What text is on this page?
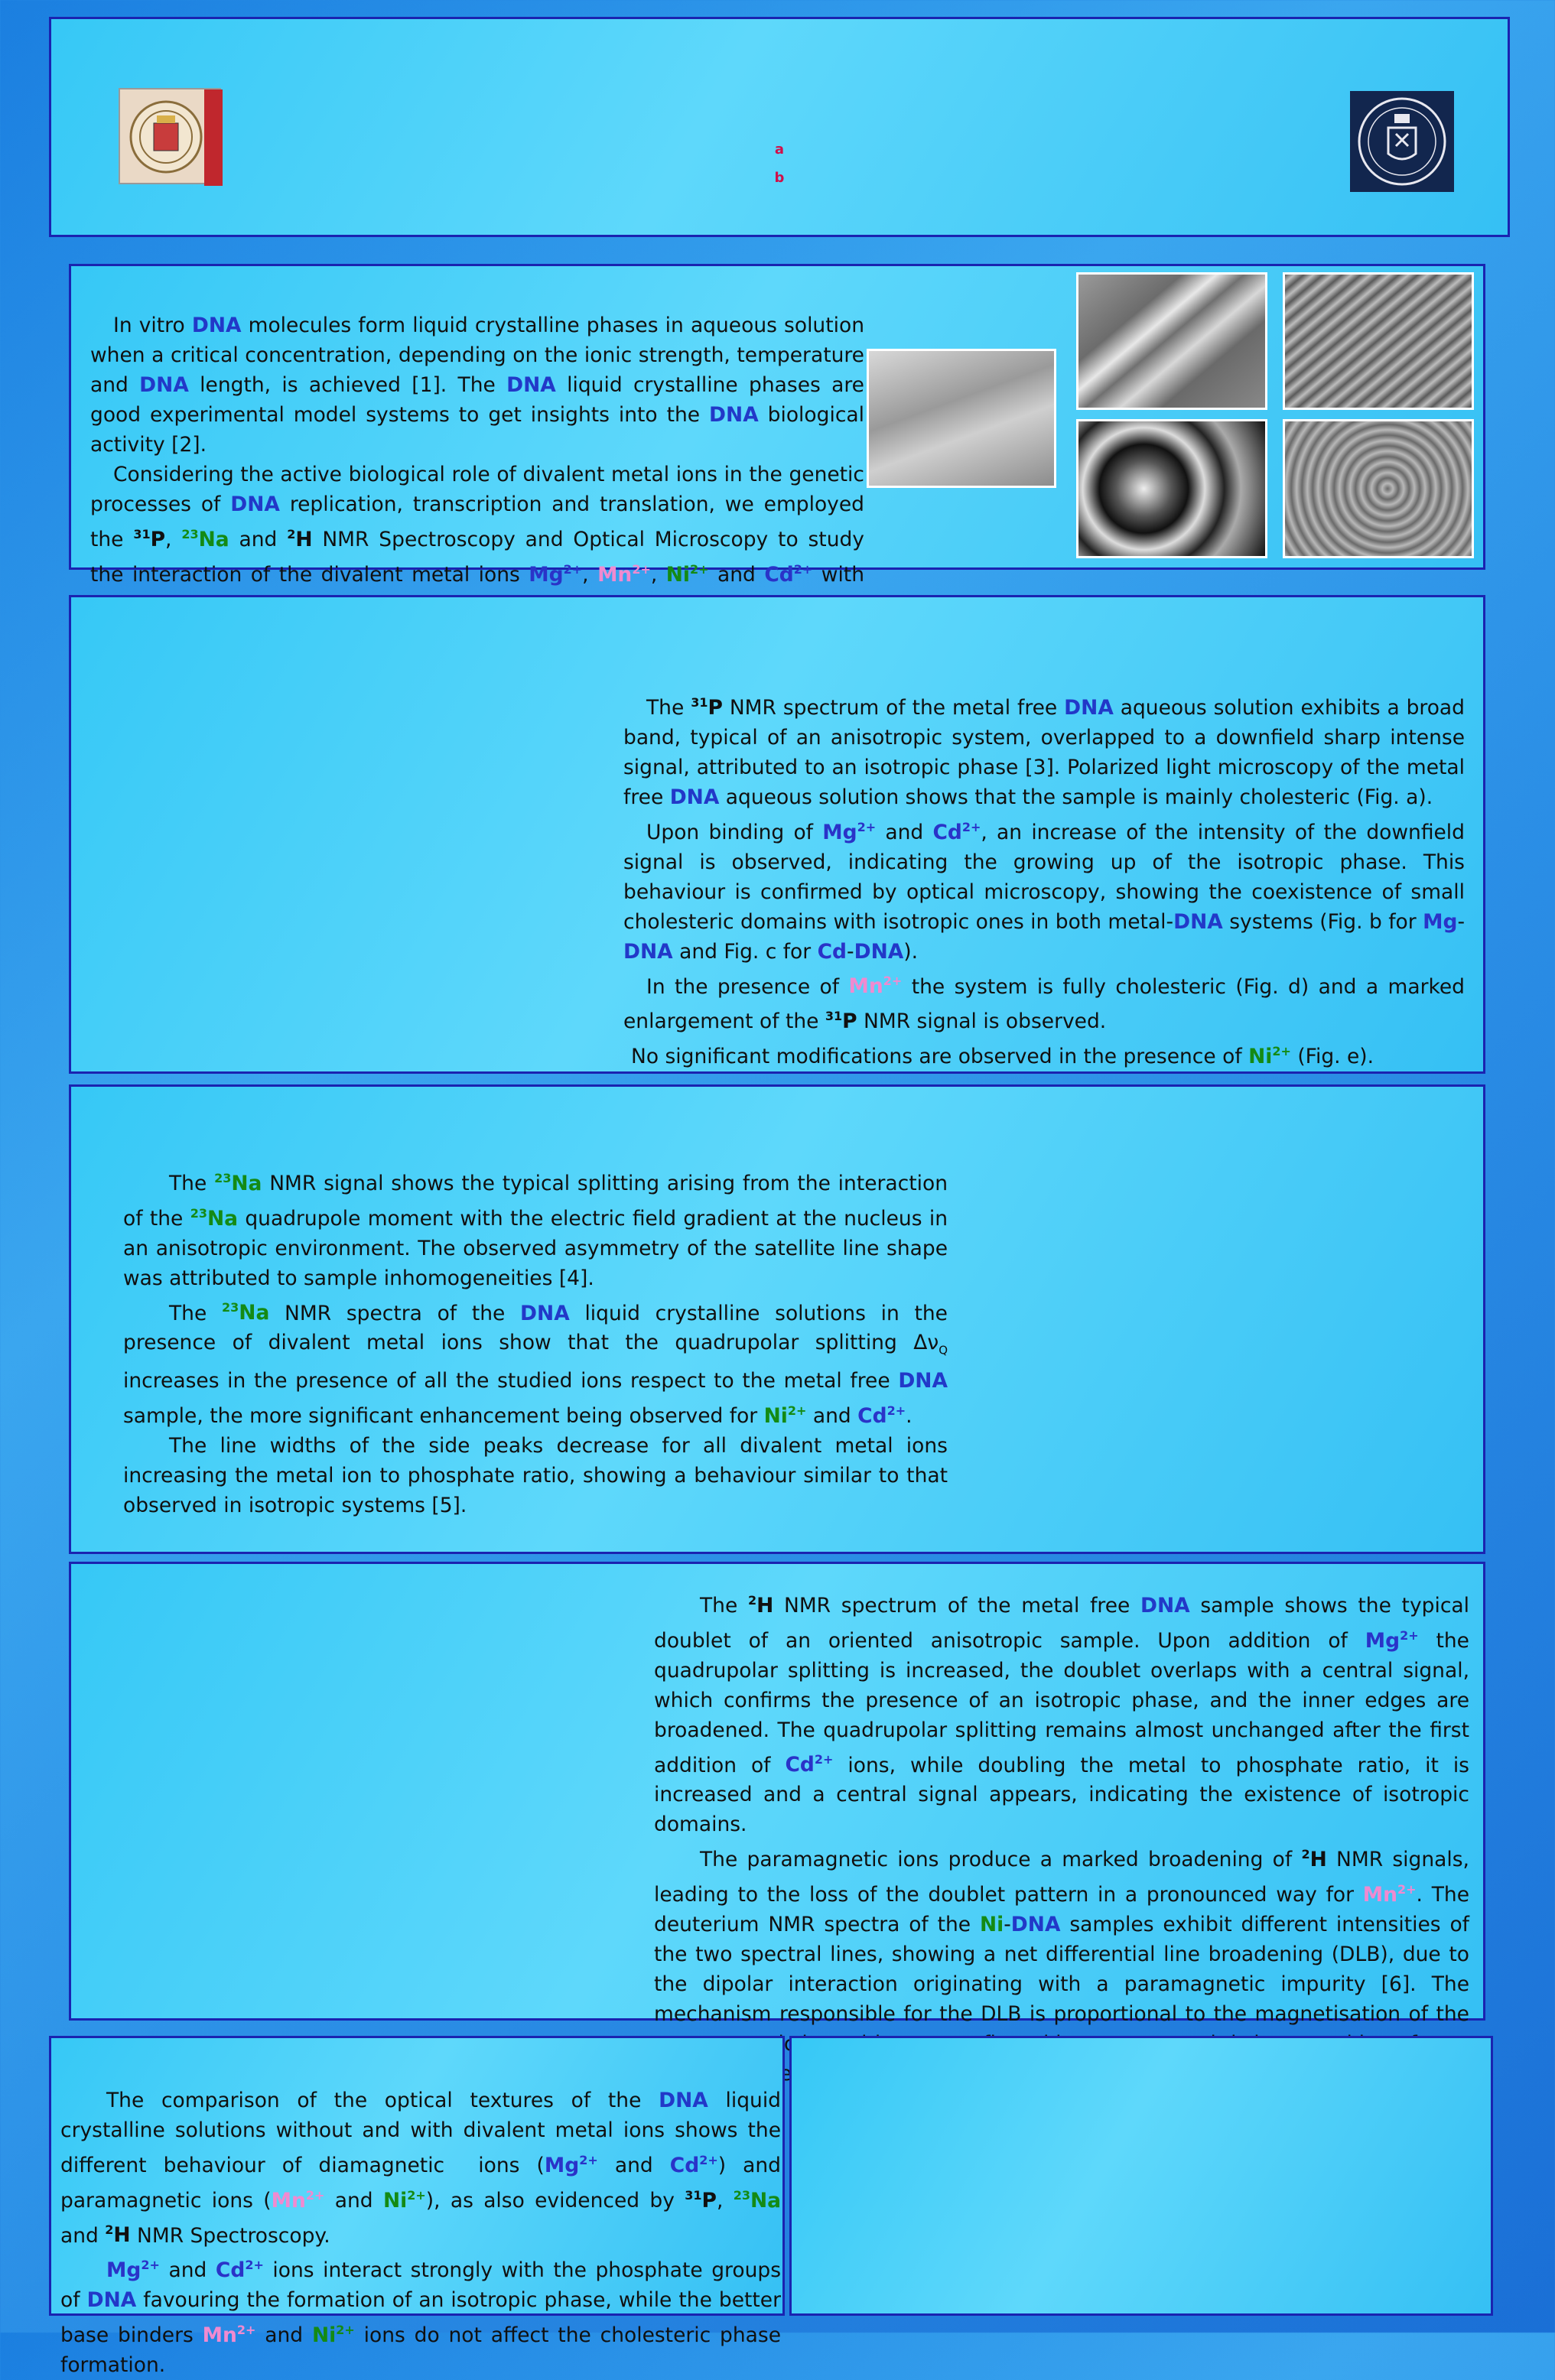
$^a$
$^b$

In vitro DNA molecules form liquid crystalline phases in aqueous solution when a critical concentration, depending on the ionic strength, temperature and DNA length, is achieved [1]. The DNA liquid crystalline phases are good experimental model systems to get insights into the DNA biological activity [2].

Considering the active biological role of divalent metal ions in the genetic processes of DNA replication, transcription and translation, we employed the $^{31}$P, $^{23}$Na and $^2$H NMR Spectroscopy and Optical Microscopy to study the interaction of the divalent metal ions $Mg^{2+}$, $Mn^{2+}$, $Ni^{2+}$ and $Cd^{2+}$ with

The $^{31}$P NMR spectrum of the metal free DNA aqueous solution exhibits a broad band, typical of an anisotropic system, overlapped to a downfield sharp intense signal, attributed to an isotropic phase [3]. Polarized light microscopy of the metal free DNA aqueous solution shows that the sample is mainly cholesteric (Fig. a).

Upon binding of $Mg^{2+}$ and $Cd^{2+}$, an increase of the intensity of the downfield signal is observed, indicating the growing up of the isotropic phase. This behaviour is confirmed by optical microscopy, showing the coexistence of small cholesteric domains with isotropic ones in both metal-DNA systems (Fig. b for Mg-DNA and Fig. c for Cd-DNA).

In the presence of $Mn^{2+}$ the system is fully cholesteric (Fig. d) and a marked enlargement of the $^{31}$P NMR signal is observed.

No significant modifications are observed in the presence of $Ni^{2+}$ (Fig. e).

The $^{23}$Na NMR signal shows the typical splitting arising from the interaction of the $^{23}$Na quadrupole moment with the electric field gradient at the nucleus in an anisotropic environment. The observed asymmetry of the satellite line shape was attributed to sample inhomogeneities [4].

The $^{23}$Na NMR spectra of the DNA liquid crystalline solutions in the presence of divalent metal ions show that the quadrupolar splitting $\Delta\nu_Q$ increases in the presence of all the studied ions respect to the metal free DNA sample, the more significant enhancement being observed for $Ni^{2+}$ and $Cd^{2+}$.

The line widths of the side peaks decrease for all divalent metal ions increasing the metal ion to phosphate ratio, showing a behaviour similar to that observed in isotropic systems [5].

The $^2$H NMR spectrum of the metal free DNA sample shows the typical doublet of an oriented anisotropic sample. Upon addition of $Mg^{2+}$ the quadrupolar splitting is increased, the doublet overlaps with a central signal, which confirms the presence of an isotropic phase, and the inner edges are broadened. The quadrupolar splitting remains almost unchanged after the first addition of $Cd^{2+}$ ions, while doubling the metal to phosphate ratio, it is increased and a central signal appears, indicating the existence of isotropic domains.

The paramagnetic ions produce a marked broadening of $^2$H NMR signals, leading to the loss of the doublet pattern in a pronounced way for $Mn^{2+}$. The deuterium NMR spectra of the Ni-DNA samples exhibit different intensities of the two spectral lines, showing a net differential line broadening (DLB), due to the dipolar interaction originating with a paramagnetic impurity [6]. The mechanism responsible for the DLB is proportional to the magnetisation of the

The comparison of the optical textures of the DNA liquid crystalline solutions without and with divalent metal ions shows the different behaviour of diamagnetic  ions ($Mg^{2+}$ and $Cd^{2+}$) and paramagnetic ions ($Mn^{2+}$ and $Ni^{2+}$), as also evidenced by $^{31}$P, $^{23}$Na and $^2$H NMR Spectroscopy.

$Mg^{2+}$ and $Cd^{2+}$ ions interact strongly with the phosphate groups of DNA favouring the formation of an isotropic phase, while the better base binders $Mn^{2+}$ and $Ni^{2+}$ ions do not affect the cholesteric phase formation.
